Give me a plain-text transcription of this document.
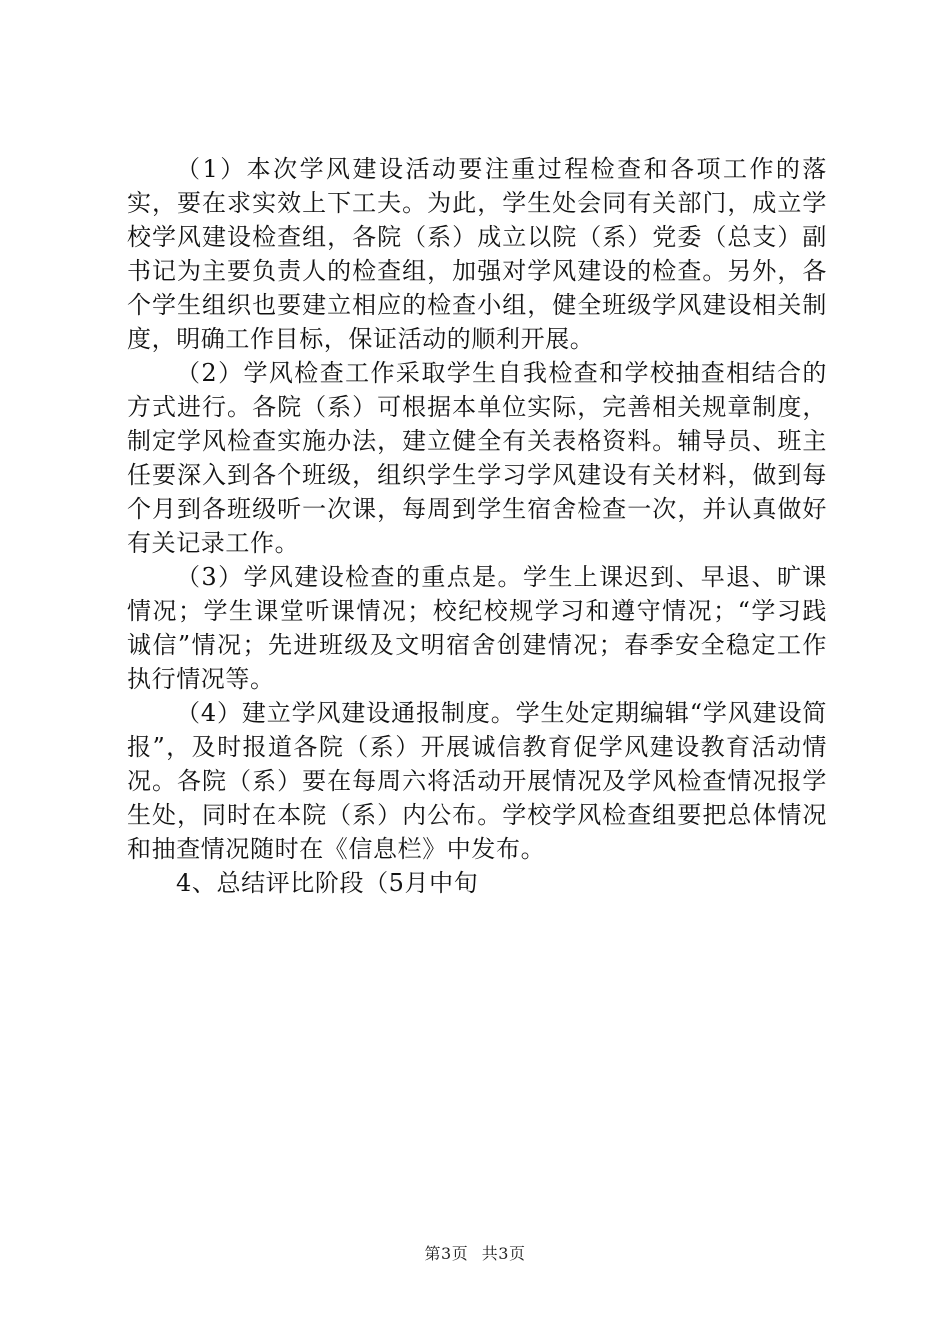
（1）本次学风建设活动要注重过程检查和各项工作的落实，要在求实效上下工夫。为此，学生处会同有关部门，成立学校学风建设检查组，各院（系）成立以院（系）党委（总支）副书记为主要负责人的检查组，加强对学风建设的检查。另外，各个学生组织也要建立相应的检查小组，健全班级学风建设相关制度，明确工作目标，保证活动的顺利开展。

（2）学风检查工作采取学生自我检查和学校抽查相结合的方式进行。各院（系）可根据本单位实际，完善相关规章制度，制定学风检查实施办法，建立健全有关表格资料。辅导员、班主任要深入到各个班级，组织学生学习学风建设有关材料，做到每个月到各班级听一次课，每周到学生宿舍检查一次，并认真做好有关记录工作。

（3）学风建设检查的重点是。学生上课迟到、早退、旷课情况；学生课堂听课情况；校纪校规学习和遵守情况；“学习践诚信”情况；先进班级及文明宿舍创建情况；春季安全稳定工作执行情况等。

（4）建立学风建设通报制度。学生处定期编辑“学风建设简报”，及时报道各院（系）开展诚信教育促学风建设教育活动情况。各院（系）要在每周六将活动开展情况及学风检查情况报学生处，同时在本院（系）内公布。学校学风检查组要把总体情况和抽查情况随时在《信息栏》中发布。

4、总结评比阶段（5月中旬

第3页 共3页
